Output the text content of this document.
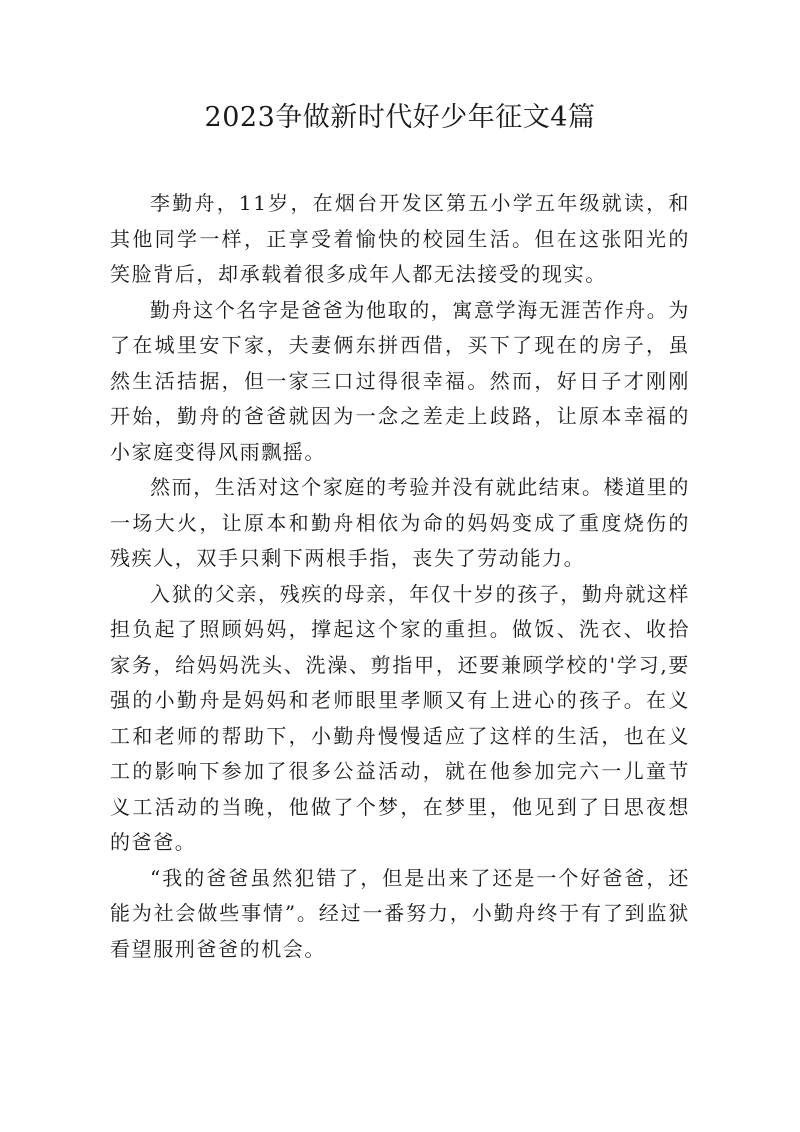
2023争做新时代好少年征文4篇

李勤舟，11岁，在烟台开发区第五小学五年级就读，和其他同学一样，正享受着愉快的校园生活。但在这张阳光的笑脸背后，却承载着很多成年人都无法接受的现实。

勤舟这个名字是爸爸为他取的，寓意学海无涯苦作舟。为了在城里安下家，夫妻俩东拼西借，买下了现在的房子，虽然生活拮据，但一家三口过得很幸福。然而，好日子才刚刚开始，勤舟的爸爸就因为一念之差走上歧路，让原本幸福的小家庭变得风雨飘摇。

然而，生活对这个家庭的考验并没有就此结束。楼道里的一场大火，让原本和勤舟相依为命的妈妈变成了重度烧伤的残疾人，双手只剩下两根手指，丧失了劳动能力。

入狱的父亲，残疾的母亲，年仅十岁的孩子，勤舟就这样担负起了照顾妈妈，撑起这个家的重担。做饭、洗衣、收拾家务，给妈妈洗头、洗澡、剪指甲，还要兼顾学校的'学习,要强的小勤舟是妈妈和老师眼里孝顺又有上进心的孩子。在义工和老师的帮助下，小勤舟慢慢适应了这样的生活，也在义工的影响下参加了很多公益活动，就在他参加完六一儿童节义工活动的当晚，他做了个梦，在梦里，他见到了日思夜想的爸爸。

“我的爸爸虽然犯错了，但是出来了还是一个好爸爸，还能为社会做些事情”。经过一番努力，小勤舟终于有了到监狱看望服刑爸爸的机会。
